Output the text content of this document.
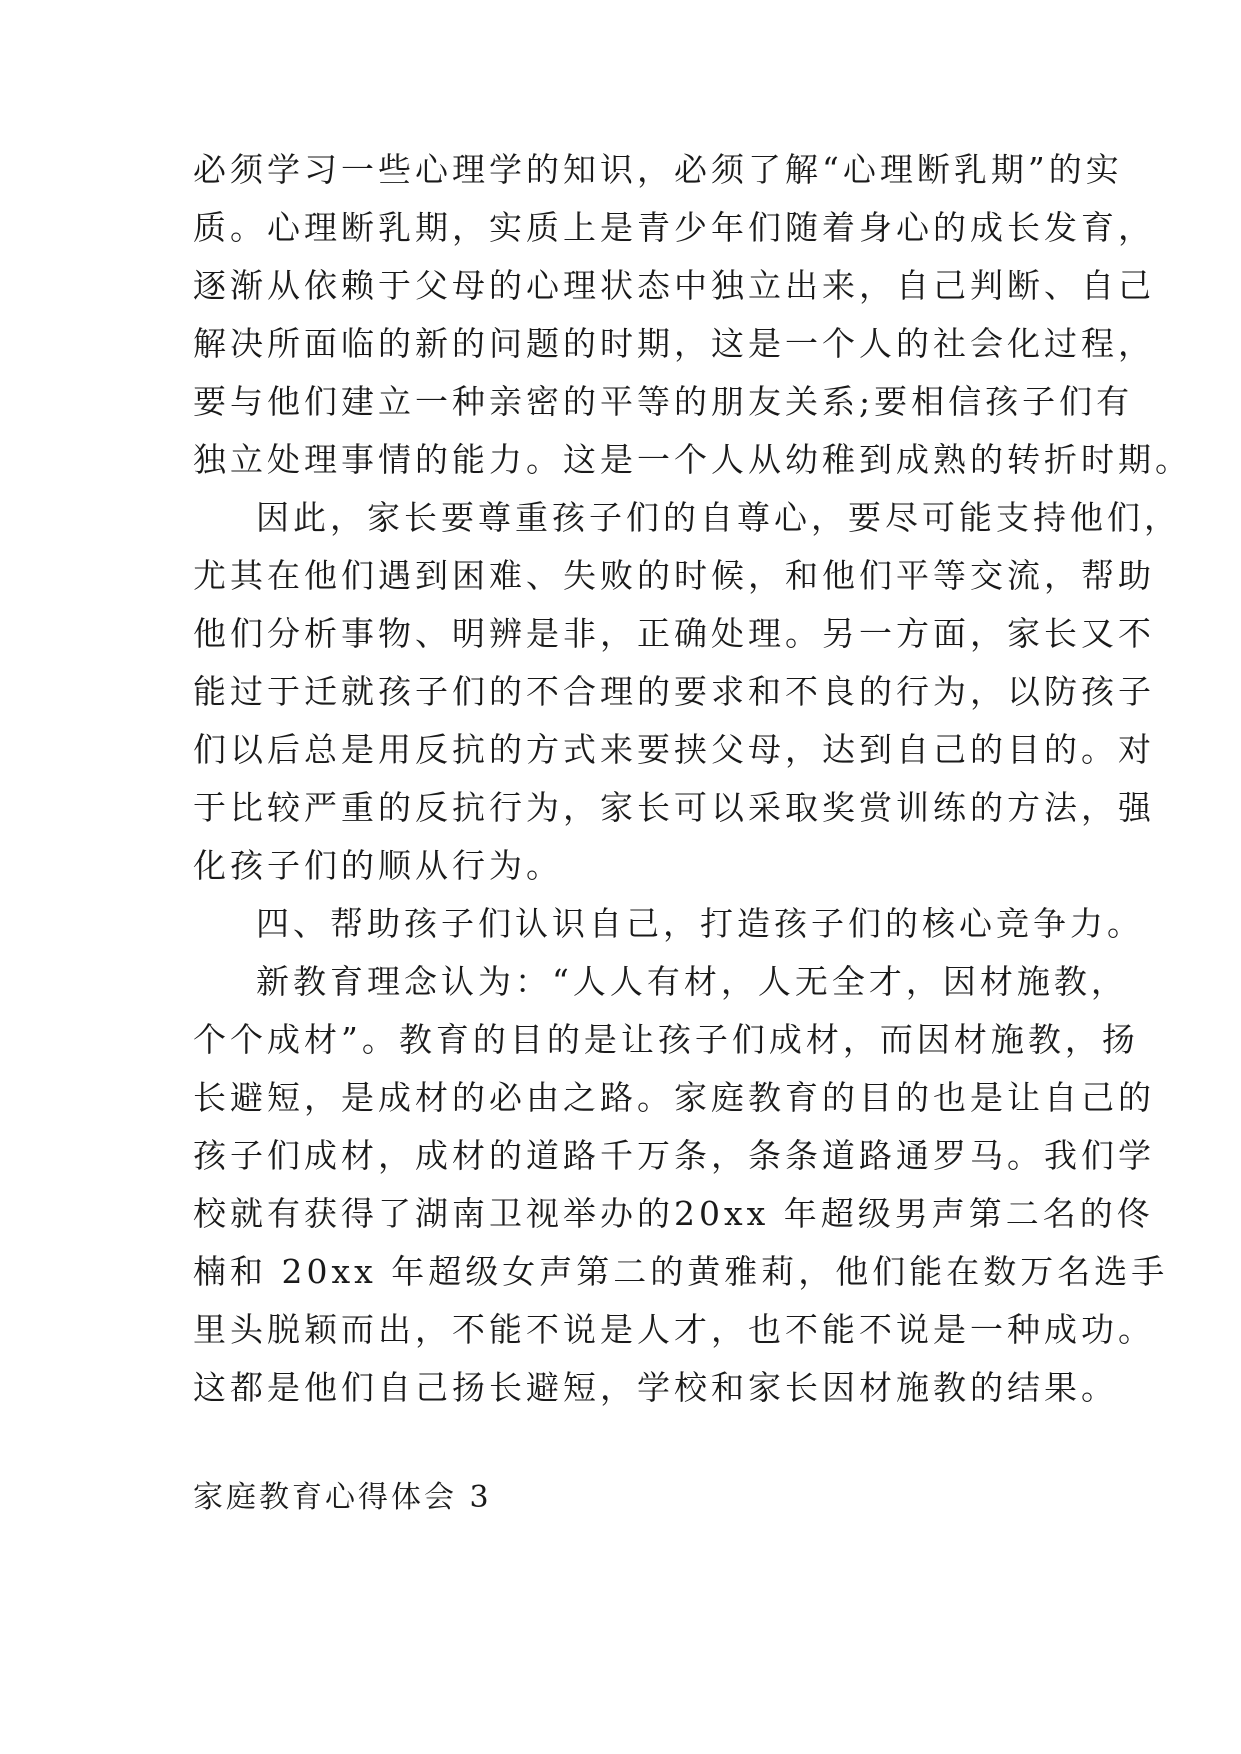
必须学习一些心理学的知识，必须了解“心理断乳期”的实
质。心理断乳期，实质上是青少年们随着身心的成长发育，
逐渐从依赖于父母的心理状态中独立出来，自己判断、自己
解决所面临的新的问题的时期，这是一个人的社会化过程，
要与他们建立一种亲密的平等的朋友关系;要相信孩子们有
独立处理事情的能力。这是一个人从幼稚到成熟的转折时期。
因此，家长要尊重孩子们的自尊心，要尽可能支持他们，
尤其在他们遇到困难、失败的时候，和他们平等交流，帮助
他们分析事物、明辨是非，正确处理。另一方面，家长又不
能过于迁就孩子们的不合理的要求和不良的行为，以防孩子
们以后总是用反抗的方式来要挟父母，达到自己的目的。对
于比较严重的反抗行为，家长可以采取奖赏训练的方法，强
化孩子们的顺从行为。
四、帮助孩子们认识自己，打造孩子们的核心竞争力。
新教育理念认为：“人人有材，人无全才，因材施教，
个个成材”。教育的目的是让孩子们成材，而因材施教，扬
长避短，是成材的必由之路。家庭教育的目的也是让自己的
孩子们成材，成材的道路千万条，条条道路通罗马。我们学
校就有获得了湖南卫视举办的20xx 年超级男声第二名的佟
楠和 20xx 年超级女声第二的黄雅莉，他们能在数万名选手
里头脱颖而出，不能不说是人才，也不能不说是一种成功。
这都是他们自己扬长避短，学校和家长因材施教的结果。
家庭教育心得体会 3
